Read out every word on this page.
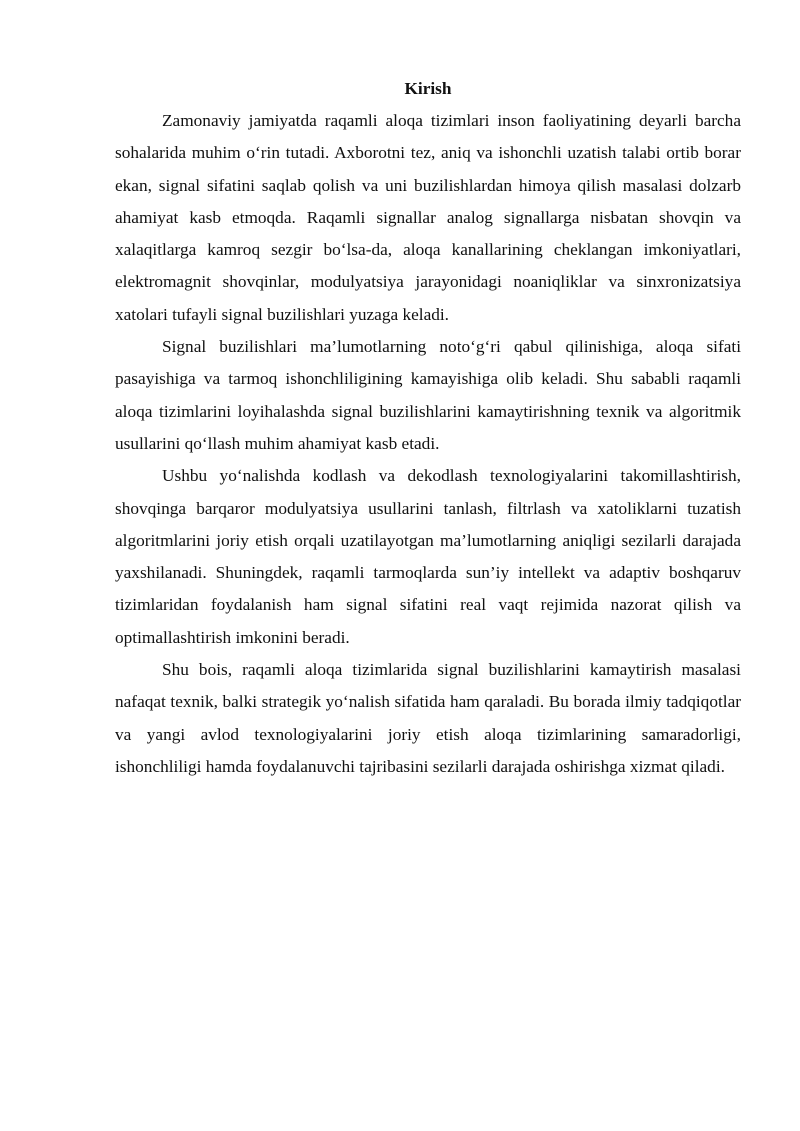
Kirish

Zamonaviy jamiyatda raqamli aloqa tizimlari inson faoliyatining deyarli barcha sohalarida muhim o‘rin tutadi. Axborotni tez, aniq va ishonchli uzatish talabi ortib borar ekan, signal sifatini saqlab qolish va uni buzilishlardan himoya qilish masalasi dolzarb ahamiyat kasb etmoqda. Raqamli signallar analog signallarga nisbatan shovqin va xalaqitlarga kamroq sezgir bo‘lsa-da, aloqa kanallarining cheklangan imkoniyatlari, elektromagnit shovqinlar, modulyatsiya jarayonidagi noaniqliklar va sinxronizatsiya xatolari tufayli signal buzilishlari yuzaga keladi.

Signal buzilishlari ma’lumotlarning noto‘g‘ri qabul qilinishiga, aloqa sifati pasayishiga va tarmoq ishonchliligining kamayishiga olib keladi. Shu sababli raqamli aloqa tizimlarini loyihalashda signal buzilishlarini kamaytirishning texnik va algoritmik usullarini qo‘llash muhim ahamiyat kasb etadi.

Ushbu yo‘nalishda kodlash va dekodlash texnologiyalarini takomillashtirish, shovqinga barqaror modulyatsiya usullarini tanlash, filtrlash va xatoliklarni tuzatish algoritmlarini joriy etish orqali uzatilayotgan ma’lumotlarning aniqligi sezilarli darajada yaxshilanadi. Shuningdek, raqamli tarmoqlarda sun’iy intellekt va adaptiv boshqaruv tizimlaridan foydalanish ham signal sifatini real vaqt rejimida nazorat qilish va optimallashtirish imkonini beradi.

Shu bois, raqamli aloqa tizimlarida signal buzilishlarini kamaytirish masalasi nafaqat texnik, balki strategik yo‘nalish sifatida ham qaraladi. Bu borada ilmiy tadqiqotlar va yangi avlod texnologiyalarini joriy etish aloqa tizimlarining samaradorligi, ishonchliligi hamda foydalanuvchi tajribasini sezilarli darajada oshirishga xizmat qiladi.
